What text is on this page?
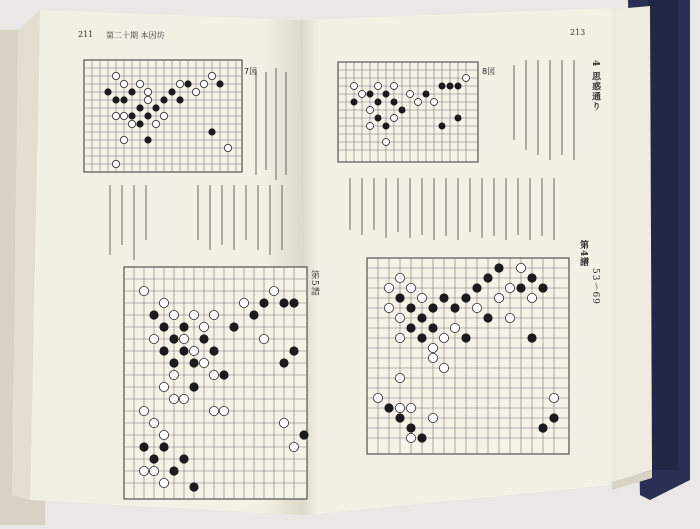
211 第二十期 本因坊
7図
第5譜
213
8図	4 思惑通り
第4譜
53〜69
